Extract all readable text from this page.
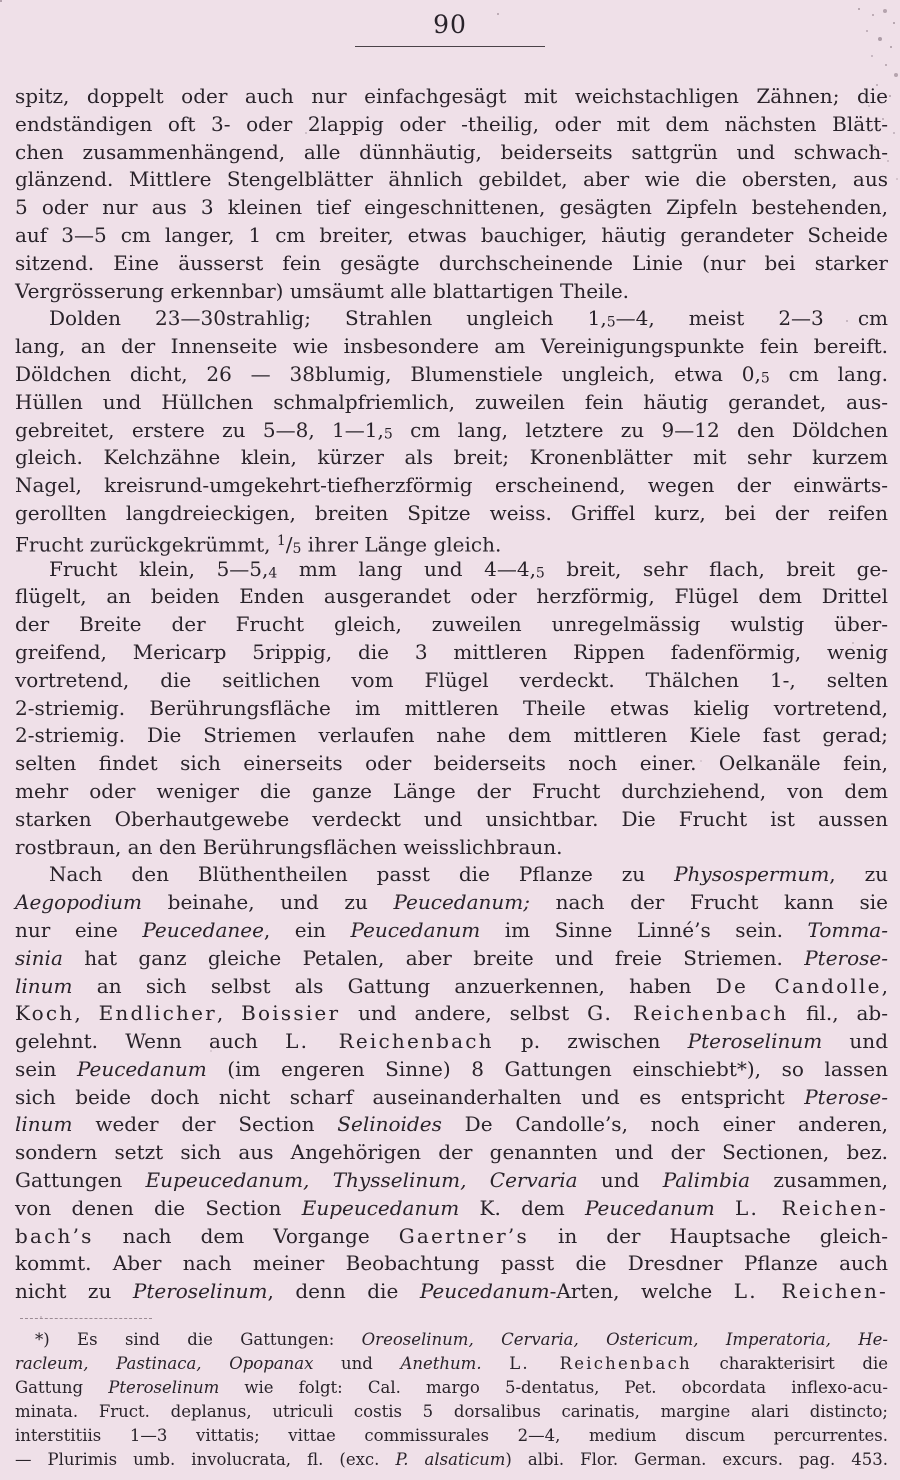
90
spitz, doppelt oder auch nur einfachgesägt mit weichstachligen Zähnen; die
endständigen oft 3- oder 2lappig oder -theilig, oder mit dem nächsten Blätt-
chen zusammenhängend, alle dünnhäutig, beiderseits sattgrün und schwach-
glänzend. Mittlere Stengelblätter ähnlich gebildet, aber wie die obersten, aus
5 oder nur aus 3 kleinen tief eingeschnittenen, gesägten Zipfeln bestehenden,
auf 3—5 cm langer, 1 cm breiter, etwas bauchiger, häutig gerandeter Scheide
sitzend. Eine äusserst fein gesägte durchscheinende Linie (nur bei starker
Vergrösserung erkennbar) umsäumt alle blattartigen Theile.
Dolden 23—30strahlig; Strahlen ungleich 1,5—4, meist 2—3 cm
lang, an der Innenseite wie insbesondere am Vereinigungspunkte fein bereift.
Döldchen dicht, 26 — 38blumig, Blumenstiele ungleich, etwa 0,5 cm lang.
Hüllen und Hüllchen schmalpfriemlich, zuweilen fein häutig gerandet, aus-
gebreitet, erstere zu 5—8, 1—1,5 cm lang, letztere zu 9—12 den Döldchen
gleich. Kelchzähne klein, kürzer als breit; Kronenblätter mit sehr kurzem
Nagel, kreisrund-umgekehrt-tiefherzförmig erscheinend, wegen der einwärts-
gerollten langdreieckigen, breiten Spitze weiss. Griffel kurz, bei der reifen
Frucht zurückgekrümmt, $^1$/5 ihrer Länge gleich.
Frucht klein, 5—5,4 mm lang und 4—4,5 breit, sehr flach, breit ge-
flügelt, an beiden Enden ausgerandet oder herzförmig, Flügel dem Drittel
der Breite der Frucht gleich, zuweilen unregelmässig wulstig über-
greifend, Mericarp 5rippig, die 3 mittleren Rippen fadenförmig, wenig
vortretend, die seitlichen vom Flügel verdeckt. Thälchen 1-, selten
2-striemig. Berührungsfläche im mittleren Theile etwas kielig vortretend,
2-striemig. Die Striemen verlaufen nahe dem mittleren Kiele fast gerad;
selten findet sich einerseits oder beiderseits noch einer. Oelkanäle fein,
mehr oder weniger die ganze Länge der Frucht durchziehend, von dem
starken Oberhautgewebe verdeckt und unsichtbar. Die Frucht ist aussen
rostbraun, an den Berührungsflächen weisslichbraun.
Nach den Blüthentheilen passt die Pflanze zu Physospermum, zu
Aegopodium beinahe, und zu Peucedanum; nach der Frucht kann sie
nur eine Peucedanee, ein Peucedanum im Sinne Linné’s sein. Tomma-
sinia hat ganz gleiche Petalen, aber breite und freie Striemen. Pterose-
linum an sich selbst als Gattung anzuerkennen, haben De Candolle,
Koch, Endlicher, Boissier und andere, selbst G. Reichenbach fil., ab-
gelehnt. Wenn auch L. Reichenbach p. zwischen Pteroselinum und
sein Peucedanum (im engeren Sinne) 8 Gattungen einschiebt*), so lassen
sich beide doch nicht scharf auseinanderhalten und es entspricht Pterose-
linum weder der Section Selinoides De Candolle’s, noch einer anderen,
sondern setzt sich aus Angehörigen der genannten und der Sectionen, bez.
Gattungen Eupeucedanum, Thysselinum, Cervaria und Palimbia zusammen,
von denen die Section Eupeucedanum K. dem Peucedanum L. Reichen-
bach’s nach dem Vorgange Gaertner’s in der Hauptsache gleich-
kommt. Aber nach meiner Beobachtung passt die Dresdner Pflanze auch
nicht zu Pteroselinum, denn die Peucedanum-Arten, welche L. Reichen-
*) Es sind die Gattungen: Oreoselinum, Cervaria, Ostericum, Imperatoria, He-
racleum, Pastinaca, Opopanax und Anethum. L. Reichenbach charakterisirt die
Gattung Pteroselinum wie folgt: Cal. margo 5-dentatus, Pet. obcordata inflexo-acu-
minata. Fruct. deplanus, utriculi costis 5 dorsalibus carinatis, margine alari distincto;
interstitiis 1—3 vittatis; vittae commissurales 2—4, medium discum percurrentes.
— Plurimis umb. involucrata, fl. (exc. P. alsaticum) albi. Flor. German. excurs. pag. 453.
